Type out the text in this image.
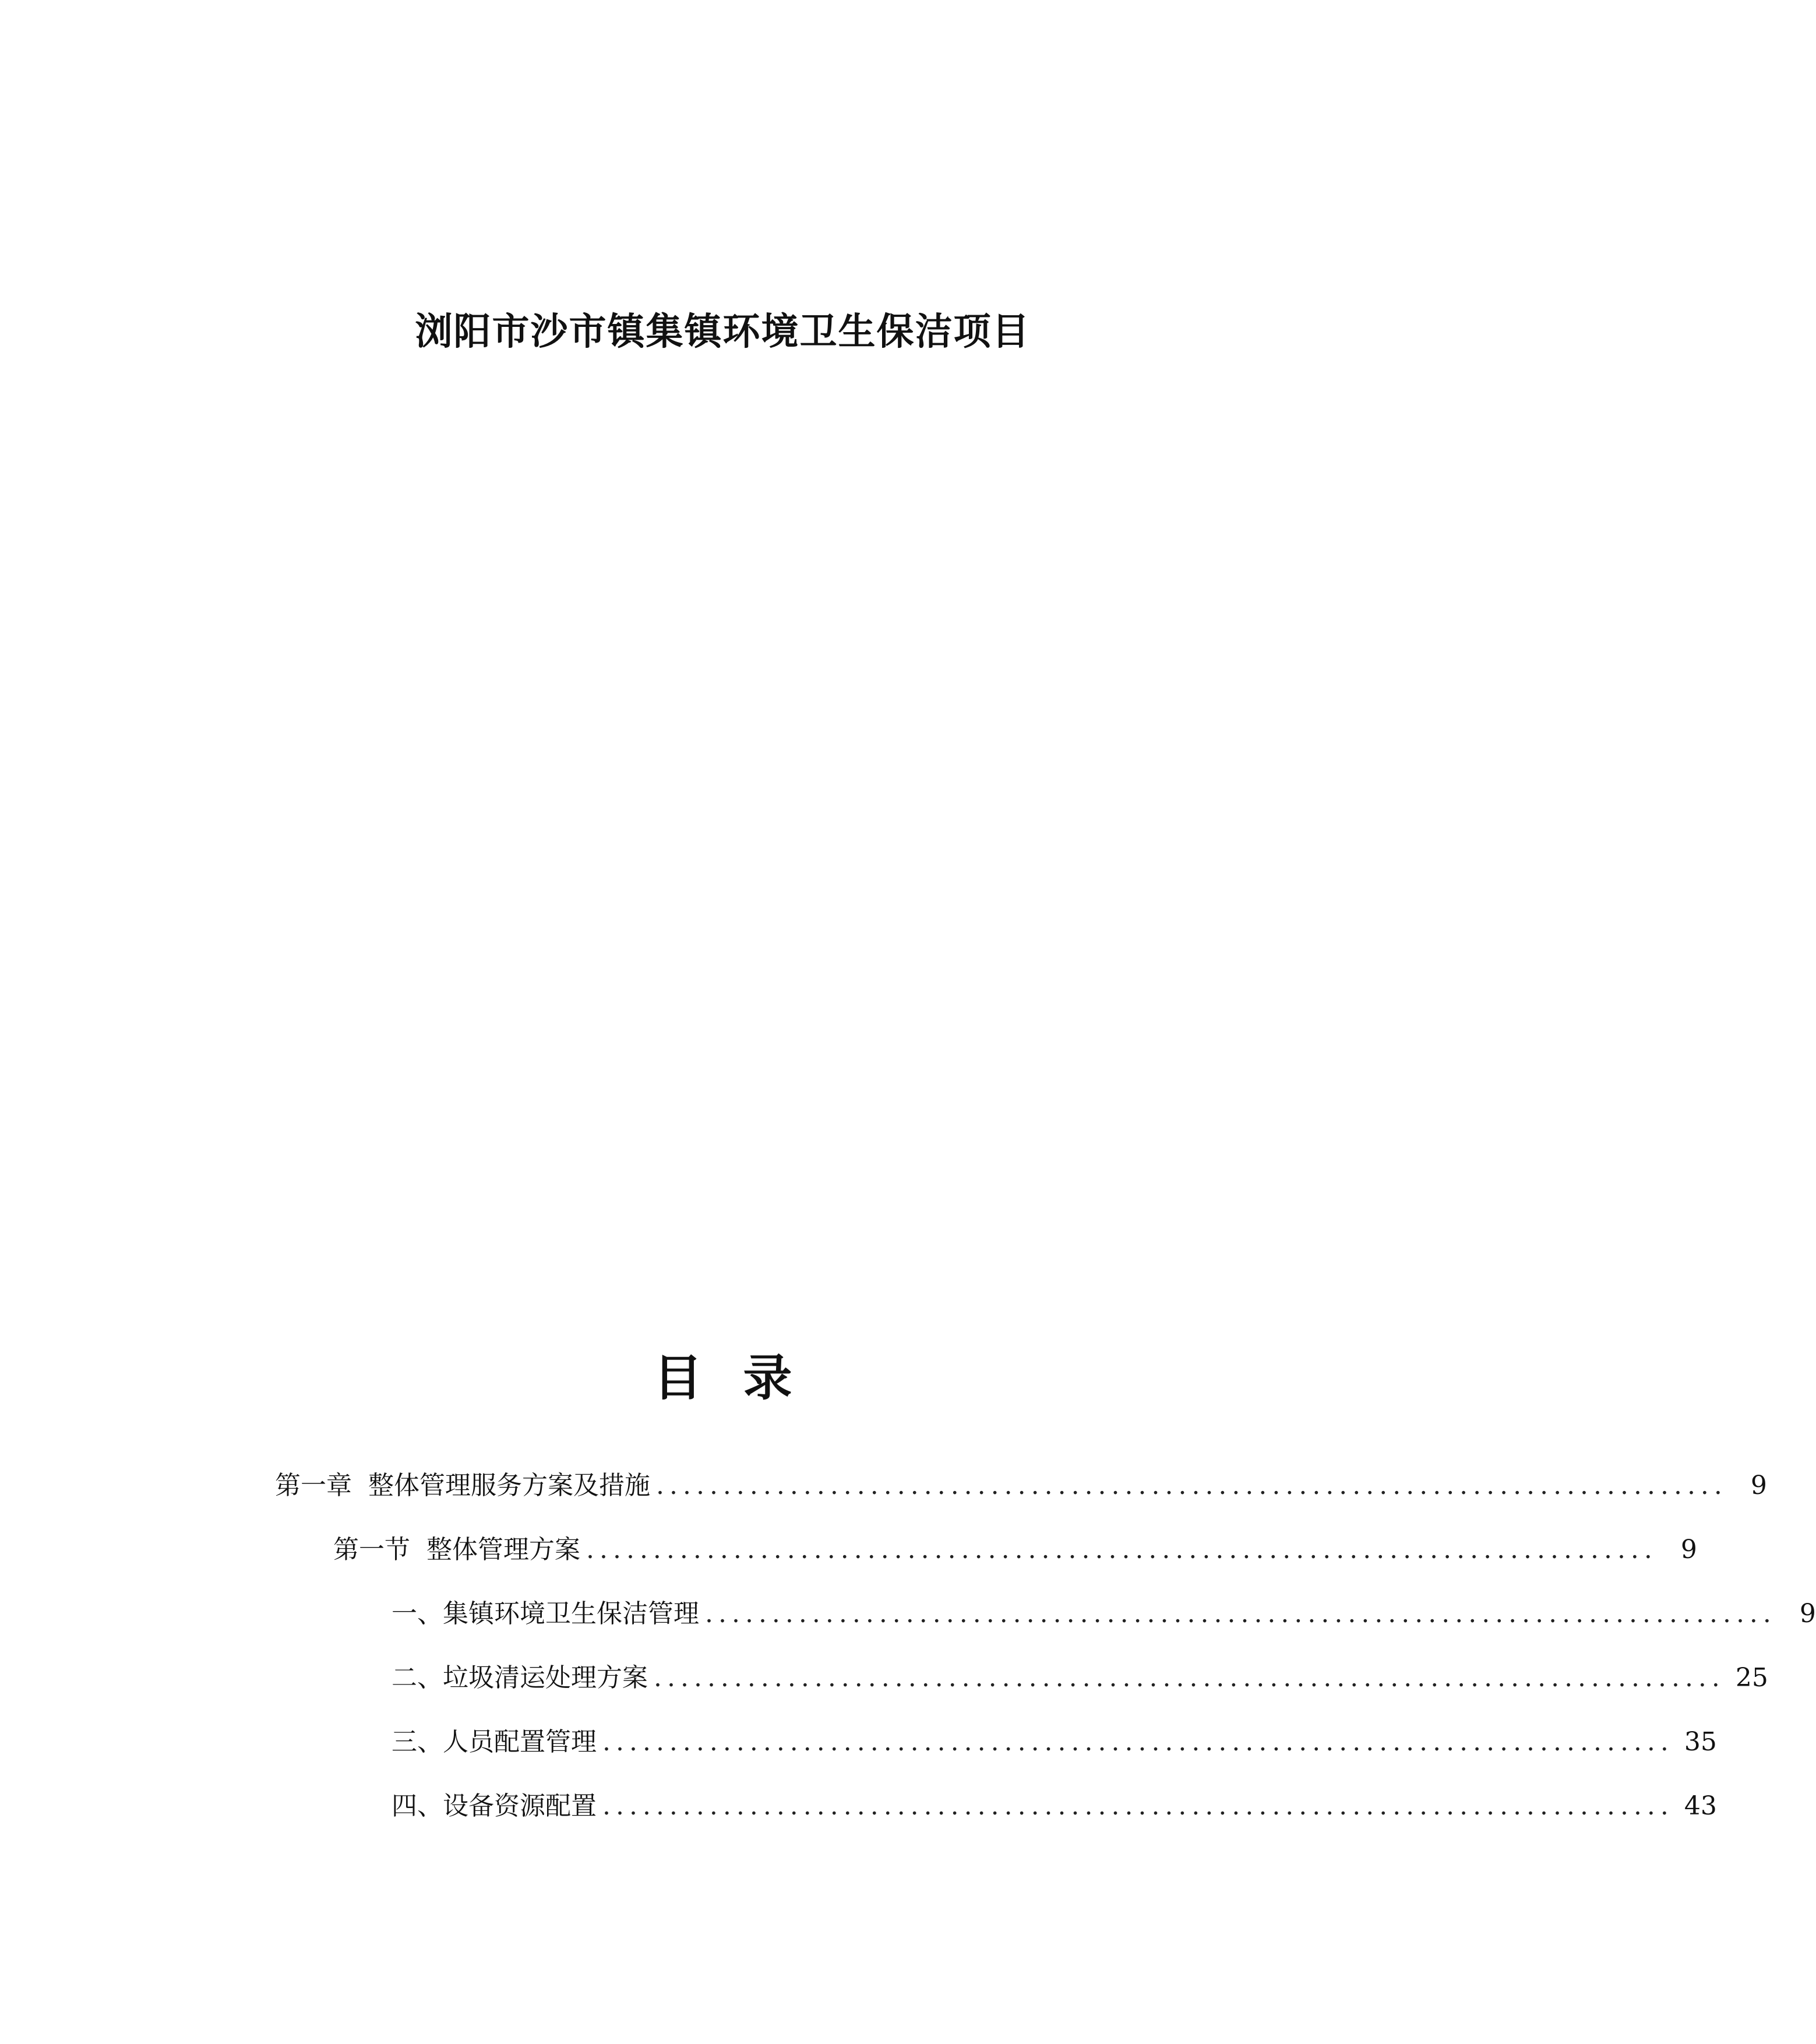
浏阳市沙市镇集镇环境卫生保洁项目
目 录
第一章 整体管理服务方案及措施 ................................................................................ 9
第一节 整体管理方案 ................................................................................ 9
一、 集镇环境卫生保洁管理 ................................................................................ 9
二、 垃圾清运处理方案 ................................................................................ 25
三、 人员配置管理 ................................................................................ 35
四、 设备资源配置 ................................................................................ 43
